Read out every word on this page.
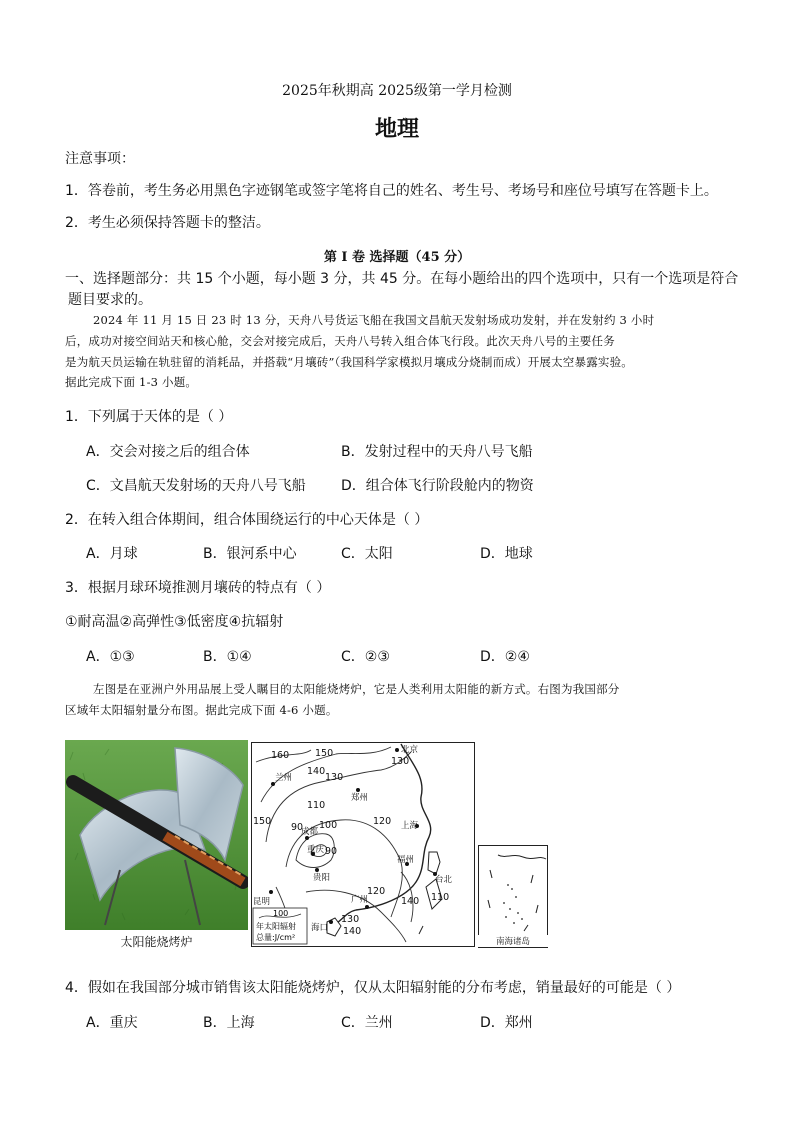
2025年秋期高 2025级第一学月检测
地理
注意事项：
1．答卷前，考生务必用黑色字迹钢笔或签字笔将自己的姓名、考生号、考场号和座位号填写在答题卡上。
2．考生必须保持答题卡的整洁。
第 I 卷 选择题（45 分）
一、选择题部分：共 15 个小题，每小题 3 分，共 45 分。在每小题给出的四个选项中，只有一个选项是符合
题目要求的。
2024 年 11 月 15 日 23 时 13 分，天舟八号货运飞船在我国文昌航天发射场成功发射，并在发射约 3 小时
后，成功对接空间站天和核心舱，交会对接完成后，天舟八号转入组合体飞行段。此次天舟八号的主要任务
是为航天员运输在轨驻留的消耗品，并搭载“月壤砖”（我国科学家模拟月壤成分烧制而成）开展太空暴露实验。
据此完成下面 1-3 小题。
1．下列属于天体的是（ ）
A．交会对接之后的组合体	B．发射过程中的天舟八号飞船
C．文昌航天发射场的天舟八号飞船	D．组合体飞行阶段舱内的物资
2．在转入组合体期间，组合体围绕运行的中心天体是（ ）
A．月球	B．银河系中心	C．太阳	D．地球
3．根据月球环境推测月壤砖的特点有（ ）
①耐高温②高弹性③低密度④抗辐射
A．①③	B．①④	C．②③	D．②④
左图是在亚洲户外用品展上受人瞩目的太阳能烧烤炉，它是人类利用太阳能的新方式。右图为我国部分
区域年太阳辐射量分布图。据此完成下面 4-6 小题。
太阳能烧烤炉
160	150
140
130
150
110
100
90
90
120
120
140
130
140
110
130
北京
兰州
郑州
成都
重庆
贵阳
上海
福州
台北
昆明	广州
海口
100
年太阳辐射
总量:J/cm²	南海诸岛
4．假如在我国部分城市销售该太阳能烧烤炉，仅从太阳辐射能的分布考虑，销量最好的可能是（ ）
A．重庆	B．上海	C．兰州	D．郑州
